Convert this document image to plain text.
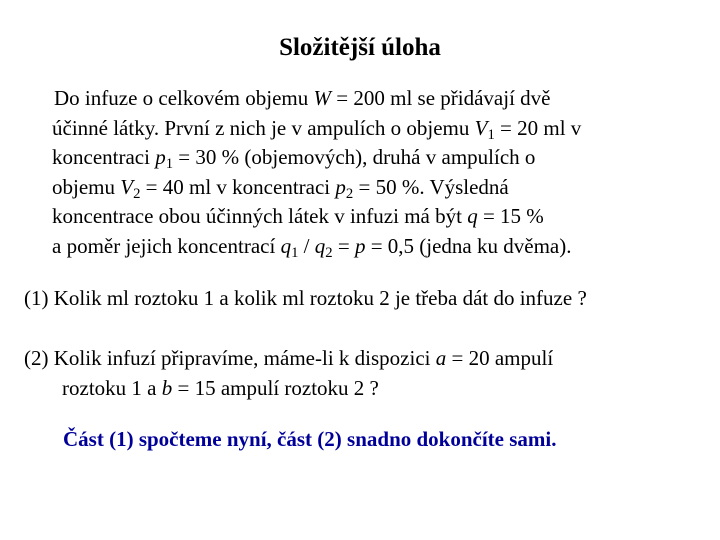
Složitější úloha
Do infuze o celkovém objemu W = 200 ml se přidávají dvě
účinné látky. První z nich je v ampulích o objemu $V_1 = 20$ ml v
koncentraci $p_1 = 30$ % (objemových), druhá v ampulích o
objemu $V_2 = 40$ ml v koncentraci $p_2 = 50$ %. Výsledná
koncentrace obou účinných látek v infuzi má být q = 15 %
a poměr jejich koncentrací $q_1 / q_2 = p = 0,5$ (jedna ku dvěma).
(1) Kolik ml roztoku 1 a kolik ml roztoku 2 je třeba dát do infuze ?
(2) Kolik infuzí připravíme, máme-li k dispozici a = 20 ampulí
roztoku 1 a b = 15 ampulí roztoku 2 ?
Část (1) spočteme nyní, část (2) snadno dokončíte sami.
